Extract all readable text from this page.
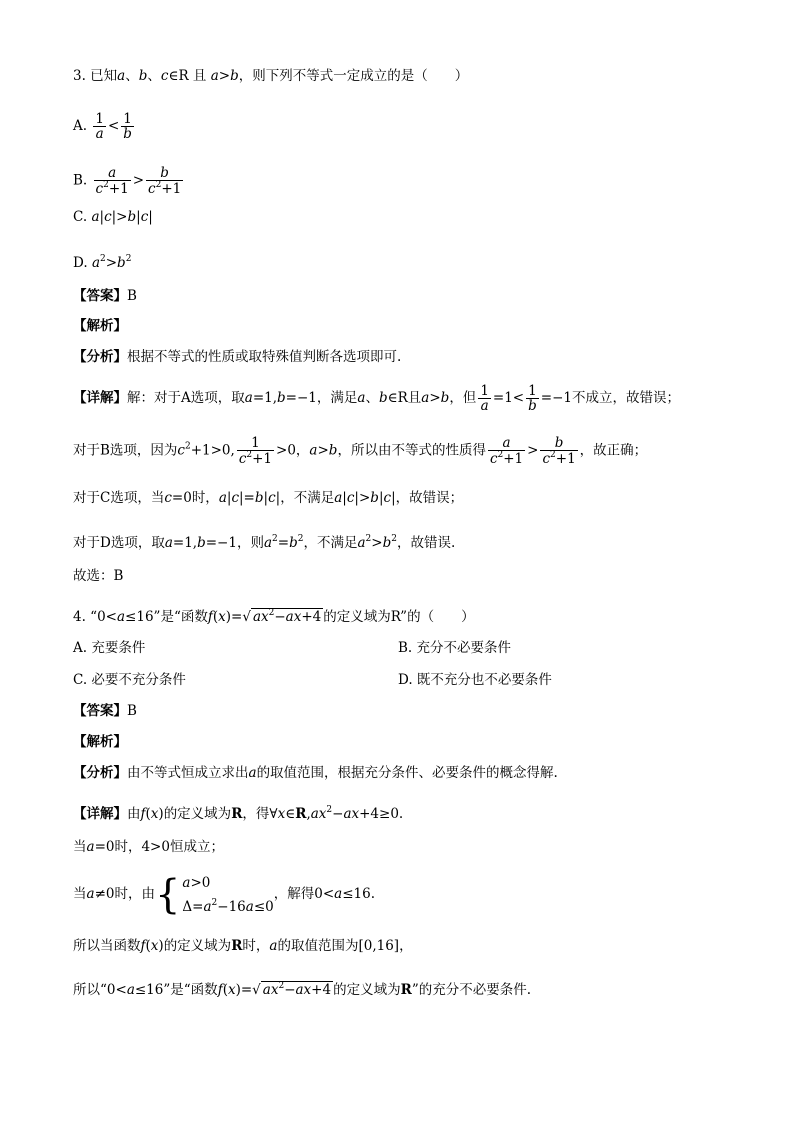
3. 已知a、b、c∈R 且 a>b，则下列不等式一定成立的是（　　）
A. $\frac{1}{a} < \frac{1}{b}$
B. $\frac{a}{c^2+1} > \frac{b}{c^2+1}$
C. a|c|>b|c|
D. $a^2>b^2$
【答案】B
【解析】
【分析】根据不等式的性质或取特殊值判断各选项即可.
【详解】解：对于A选项，取a=1,b=−1，满足a、b∈R且a>b，但 $\frac{1}{a} =1< \frac{1}{b} =-1$不成立，故错误；
对于B选项，因为$c^2+1>0$, $\frac{1}{c^2+1} >0$，a>b，所以由不等式的性质得 $\frac{a}{c^2+1} > \frac{b}{c^2+1}$ ，故正确；
对于C选项，当c=0时，a|c|=b|c|，不满足a|c|>b|c|，故错误；
对于D选项，取a=1,b=−1，则$a^2=b^2$，不满足$a^2>b^2$，故错误.
故选：B
4. “0<a≤16”是“函数f(x)=√ $ax^2-ax+4$ 的定义域为R”的（　　）
A. 充要条件	B. 充分不必要条件
C. 必要不充分条件	D. 既不充分也不必要条件
【答案】B
【解析】
【分析】由不等式恒成立求出a的取值范围，根据充分条件、必要条件的概念得解.
【详解】由f(x)的定义域为R，得$\forall x\in R,ax^2-ax+4\ge 0$.
当a=0时，4>0恒成立；
当a≠0时，由{ a>0
$\Delta=a^2-16a\le 0$，解得0<a≤16.
所以当函数f(x)的定义域为R时，a的取值范围为[0,16]，
所以“0<a≤16”是“函数f(x)=√ $ax^2-ax+4$ 的定义域为R”的充分不必要条件.
